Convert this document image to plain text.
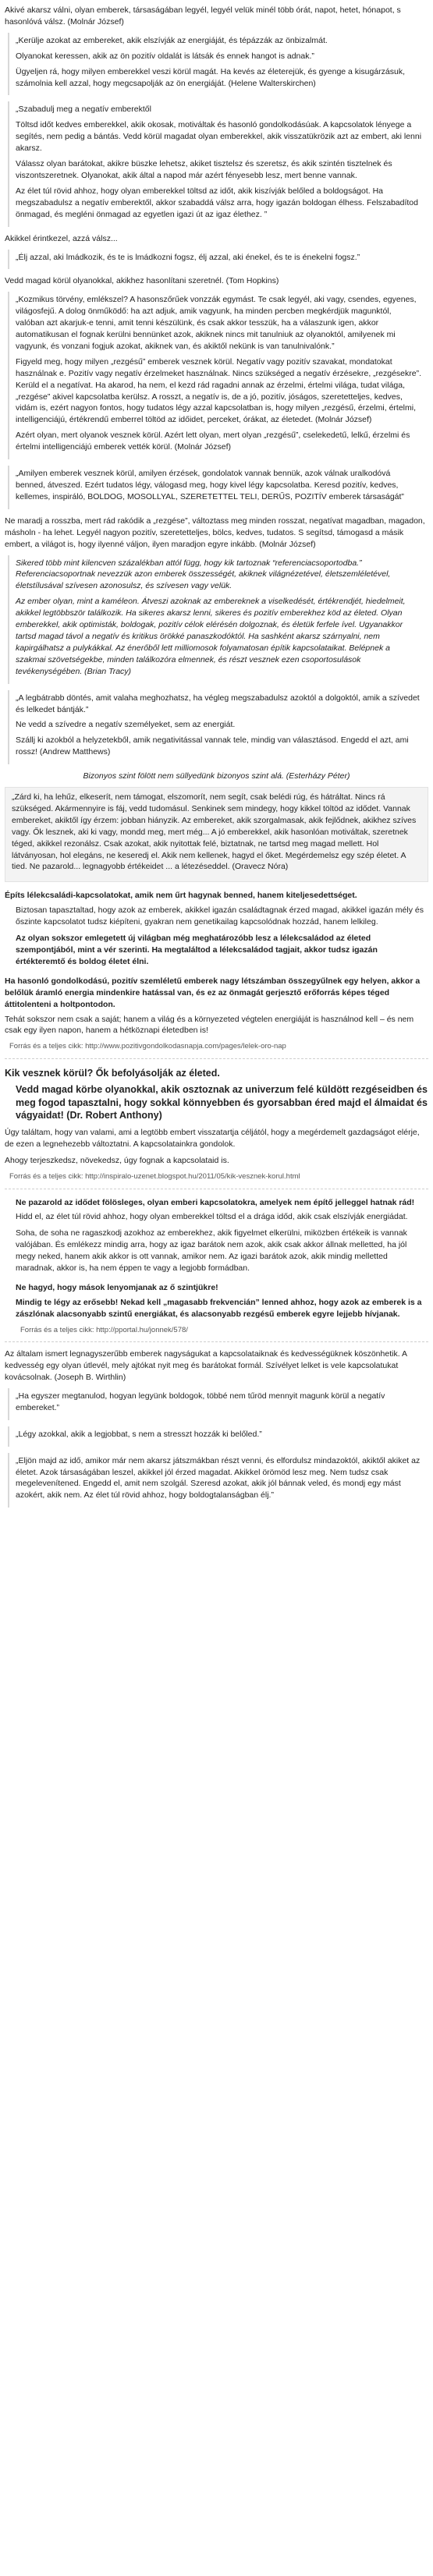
Akivé akarsz válni, olyan emberek, társaságában legyél, legyél velük minél több órát, napot, hetet, hónapot, s hasonlóvá válsz. (Molnár József)

„Kerülje azokat az embereket, akik elszívják az energiáját, és tépázzák az önbizalmát.

Olyanokat keressen, akik az ön pozitív oldalát is látsák és ennek hangot is adnak.”

Ügyeljen rá, hogy milyen emberekkel veszi körül magát. Ha kevés az életerejük, és gyenge a kisugárzásuk, számolnia kell azzal, hogy megcsapolják az ön energiáját. (Helene Walterskirchen)

„Szabadulj meg a negatív emberektől

Töltsd időt kedves emberekkel, akik okosak, motiváltak és hasonló gondolkodásúak. A kapcsolatok lényege a segítés, nem pedig a bántás. Vedd körül magadat olyan emberekkel, akik visszatükrözik azt az embert, aki lenni akarsz.

Válassz olyan barátokat, akikre büszke lehetsz, akiket tisztelsz és szeretsz, és akik szintén tisztelnek és viszontszeretnek. Olyanokat, akik által a napod már azért fényesebb lesz, mert benne vannak.

Az élet túl rövid ahhoz, hogy olyan emberekkel töltsd az időt, akik kiszívják belőled a boldogságot. Ha megszabadulsz a negatív emberektől, akkor szabaddá válsz arra, hogy igazán boldogan élhess. Felszabadítod önmagad, és megléni önmagad az egyetlen igazi út az igaz élethez. ”

Akikkel érintkezel, azzá válsz...

„Élj azzal, aki lmádkozik, és te is lmádkozni fogsz, élj azzal, aki énekel, és te is énekelni fogsz.”

Vedd magad körül olyanokkal, akikhez hasonlítani szeretnél. (Tom Hopkins)

„Kozmikus törvény, emlékszel? A hasonszőrűek vonzzák egymást. Te csak legyél, aki vagy, csendes, egyenes, világosfejű. A dolog önműködő: ha azt adjuk, amik vagyunk, ha minden percben megkérdjük magunktól, valóban azt akarjuk-e tenni, amit tenni készülünk, és csak akkor tesszük, ha a válaszunk igen, akkor automatikusan el fognak kerülni bennünket azok, akiknek nincs mit tanulniuk az olyanoktól, amilyenek mi vagyunk, és vonzani fogjuk azokat, akiknek van, és akiktől nekünk is van tanulnivalónk.”

Figyeld meg, hogy milyen „rezgésű” emberek vesznek körül. Negatív vagy pozitív szavakat, mondatokat használnak e. Pozitív vagy negatív érzelmeket használnak. Nincs szükséged a negatív érzésekre, „rezgésekre”. Kerüld el a negatívat. Ha akarod, ha nem, el kezd rád ragadni annak az érzelmi, értelmi világa, tudat világa, „rezgése” akivel kapcsolatba kerülsz. A rosszt, a negatív is, de a jó, pozitív, jóságos, szeretetteljes, kedves, vidám is, ezért nagyon fontos, hogy tudatos légy azzal kapcsolatban is, hogy milyen „rezgésű, érzelmi, értelmi, intelligenciájú, értékrendű emberrel töltöd az időidet, perceket, órákat, az életedet. (Molnár József)

Azért olyan, mert olyanok vesznek körül. Azért lett olyan, mert olyan „rezgésű”, cselekedetű, lelkű, érzelmi és értelmi intelligenciájú emberek vették körül. (Molnár József)

„Amilyen emberek vesznek körül, amilyen érzések, gondolatok vannak bennük, azok válnak uralkodóvá benned, átveszed. Ezért tudatos légy, válogasd meg, hogy kivel légy kapcsolatba. Keresd pozitív, kedves, kellemes, inspiráló, BOLDOG, MOSOLLYAL, SZERETETTEL TELI, DERŰS, POZITÍV emberek társaságát”

Ne maradj a rosszba, mert rád rakódik a „rezgése”, változtass meg minden rosszat, negatívat magadban, magadon, másholn - ha lehet. Legyél nagyon pozitív, szeretetteljes, bölcs, kedves, tudatos. S segítsd, támogasd a másik embert, a világot is, hogy ilyenné váljon, ilyen maradjon egyre inkább. (Molnár József)

Sikered több mint kilencven százalékban attól függ, hogy kik tartoznak “referenciacsoportodba.” Referenciacsoportnak nevezzük azon emberek összességét, akiknek világnézetével, életszemléletével, életstílusával szívesen azonosulsz, és szívesen vagy velük.

Az ember olyan, mint a kaméleon. Átveszi azoknak az embereknek a viselkedését, értékrendjét, hiedelmeit, akikkel legtöbbször találkozik. Ha sikeres akarsz lenni, sikeres és pozitív emberekhez köd az életed. Olyan emberekkel, akik optimisták, boldogak, pozitív célok elérésén dolgoznak, és életük ferfele ível. Ugyanakkor tartsd magad távol a negatív és kritikus örökké panaszkodóktól. Ha sashként akarsz szárnyalni, nem kapirgálhatsz a pulykákkal. Az énerőből lett milliomosok folyamatosan építik kapcsolataikat. Belépnek a szakmai szövetségekbe, minden találkozóra elmennek, és részt vesznek ezen csoportosulások tevékenységében. (Brian Tracy)

„A legbátrabb döntés, amit valaha meghozhatsz, ha végleg megszabadulsz azoktól a dolgoktól, amik a szívedet és lelkedet bántják.”

Ne vedd a szívedre a negatív személyeket, sem az energiát.

Szállj ki azokból a helyzetekből, amik negativitással vannak tele, mindig van választásod. Engedd el azt, ami rossz! (Andrew Matthews)

Bizonyos szint fölött nem süllyedünk bizonyos szint alá. (Esterházy Péter)

„Zárd ki, ha lehűz, elkeserít, nem támogat, elszomorít, nem segít, csak belédi rúg, és hátráltat. Nincs rá szükséged. Akármennyire is fáj, vedd tudomásul. Senkinek sem mindegy, hogy kikkel töltöd az idődet. Vannak embereket, akiktől így érzem: jobban hiányzik. Az embereket, akik szorgalmasak, akik fejlődnek, akikhez szíves vagy. Ők lesznek, aki ki vagy, mondd meg, mert még... A jó emberekkel, akik hasonlóan motiváltak, szeretnek téged, akikkel rezonálsz. Csak azokat, akik nyitottak felé, biztatnak, ne tartsd meg magad mellett. Hol látványosan, hol elegáns, ne keseredj el. Akik nem kellenek, hagyd el őket. Megérdemelsz egy szép életet. A tied. Ne pazarold... legnagyobb értékeidet ... a létezéseddel. (Oravecz Nóra)

Építs lélekcsaládi-kapcsolatokat, amik nem űrt hagynak benned, hanem kiteljesedettséget.

Biztosan tapasztaltad, hogy azok az emberek, akikkel igazán családtagnak érzed magad, akikkel igazán mély és őszinte kapcsolatot tudsz kiépíteni, gyakran nem genetikailag kapcsolódnak hozzád, hanem lelkileg.

Az olyan sokszor emlegetett új világban még meghatározóbb lesz a lélekcsaládod az életed szempontjából, mint a vér szerinti. Ha megtaláltod a lélekcsaládod tagjait, akkor tudsz igazán értékteremtő és boldog életet élni.

Ha hasonló gondolkodású, pozitív szemléletű emberek nagy létszámban összegyűlnek egy helyen, akkor a belőlük áramló energia mindenkire hatással van, és ez az önmagát gerjesztő erőforrás képes téged áttitolenteni a holtpontodon.

Tehát sokszor nem csak a saját; hanem a világ és a környezeted végtelen energiáját is használnod kell – és nem csak egy ilyen napon, hanem a hétköznapi életedben is!

Forrás és a teljes cikk: http://www.pozitivgondolkodasnapja.com/pages/lelek-oro-nap

Kik vesznek körül? Ők befolyásolják az életed.

Vedd magad körbe olyanokkal, akik osztoznak az univerzum felé küldött rezgéseidben és meg fogod tapasztalni, hogy sokkal könnyebben és gyorsabban éred majd el álmaidat és vágyaidat! (Dr. Robert Anthony)

Úgy találtam, hogy van valami, ami a legtöbb embert visszatartja céljától, hogy a megérdemelt gazdagságot elérje, de ezen a legnehezebb változtatni. A kapcsolatainkra gondolok.

Ahogy terjeszkedsz, növekedsz, úgy fognak a kapcsolataid is.

Forrás és a teljes cikk: http://inspiralo-uzenet.blogspot.hu/2011/05/kik-vesznek-korul.html

Ne pazarold az idődet fölösleges, olyan emberi kapcsolatokra, amelyek nem építő jelleggel hatnak rád!

Hidd el, az élet túl rövid ahhoz, hogy olyan emberekkel töltsd el a drága időd, akik csak elszívják energiádat.

Soha, de soha ne ragaszkodj azokhoz az emberekhez, akik figyelmet elkerülni, miközben értékeik is vannak valójában. És emlékezz mindig arra, hogy az igaz barátok nem azok, akik csak akkor állnak melletted, ha jól megy neked, hanem akik akkor is ott vannak, amikor nem. Az igazi barátok azok, akik mindig melletted maradnak, akkor is, ha nem éppen te vagy a legjobb formádban.

Ne hagyd, hogy mások lenyomjanak az ő szintjükre!

Mindig te légy az erősebb! Nekad kell „magasabb frekvencián” lenned ahhoz, hogy azok az emberek is a zászlónak alacsonyabb szintű energiákat, és alacsonyabb rezgésű emberek egyre lejjebb hívjanak.

Forrás és a teljes cikk: http://pportal.hu/jonnek/578/

Az általam ismert legnagyszerűbb emberek nagyságukat a kapcsolataiknak és kedvességüknek köszönhetik. A kedvesség egy olyan útlevél, mely ajtókat nyit meg és barátokat formál. Szívélyet lelket is vele kapcsolatukat kovácsolnak. (Joseph B. Wirthlin)

„Ha egyszer megtanulod, hogyan legyünk boldogok, többé nem tűröd mennyit magunk körül a negatív embereket.”

„Légy azokkal, akik a legjobbat, s nem a stresszt hozzák ki belőled.”

„Eljön majd az idő, amikor már nem akarsz játszmákban részt venni, és elfordulsz mindazoktól, akiktől akiket az életet. Azok társaságában leszel, akikkel jól érzed magadat. Akikkel örömöd lesz meg. Nem tudsz csak megelevenítened. Engedd el, amit nem szolgál. Szeresd azokat, akik jól bánnak veled, és mondj egy mást azokért, akik nem. Az élet túl rövid ahhoz, hogy boldogtalanságban élj.”
